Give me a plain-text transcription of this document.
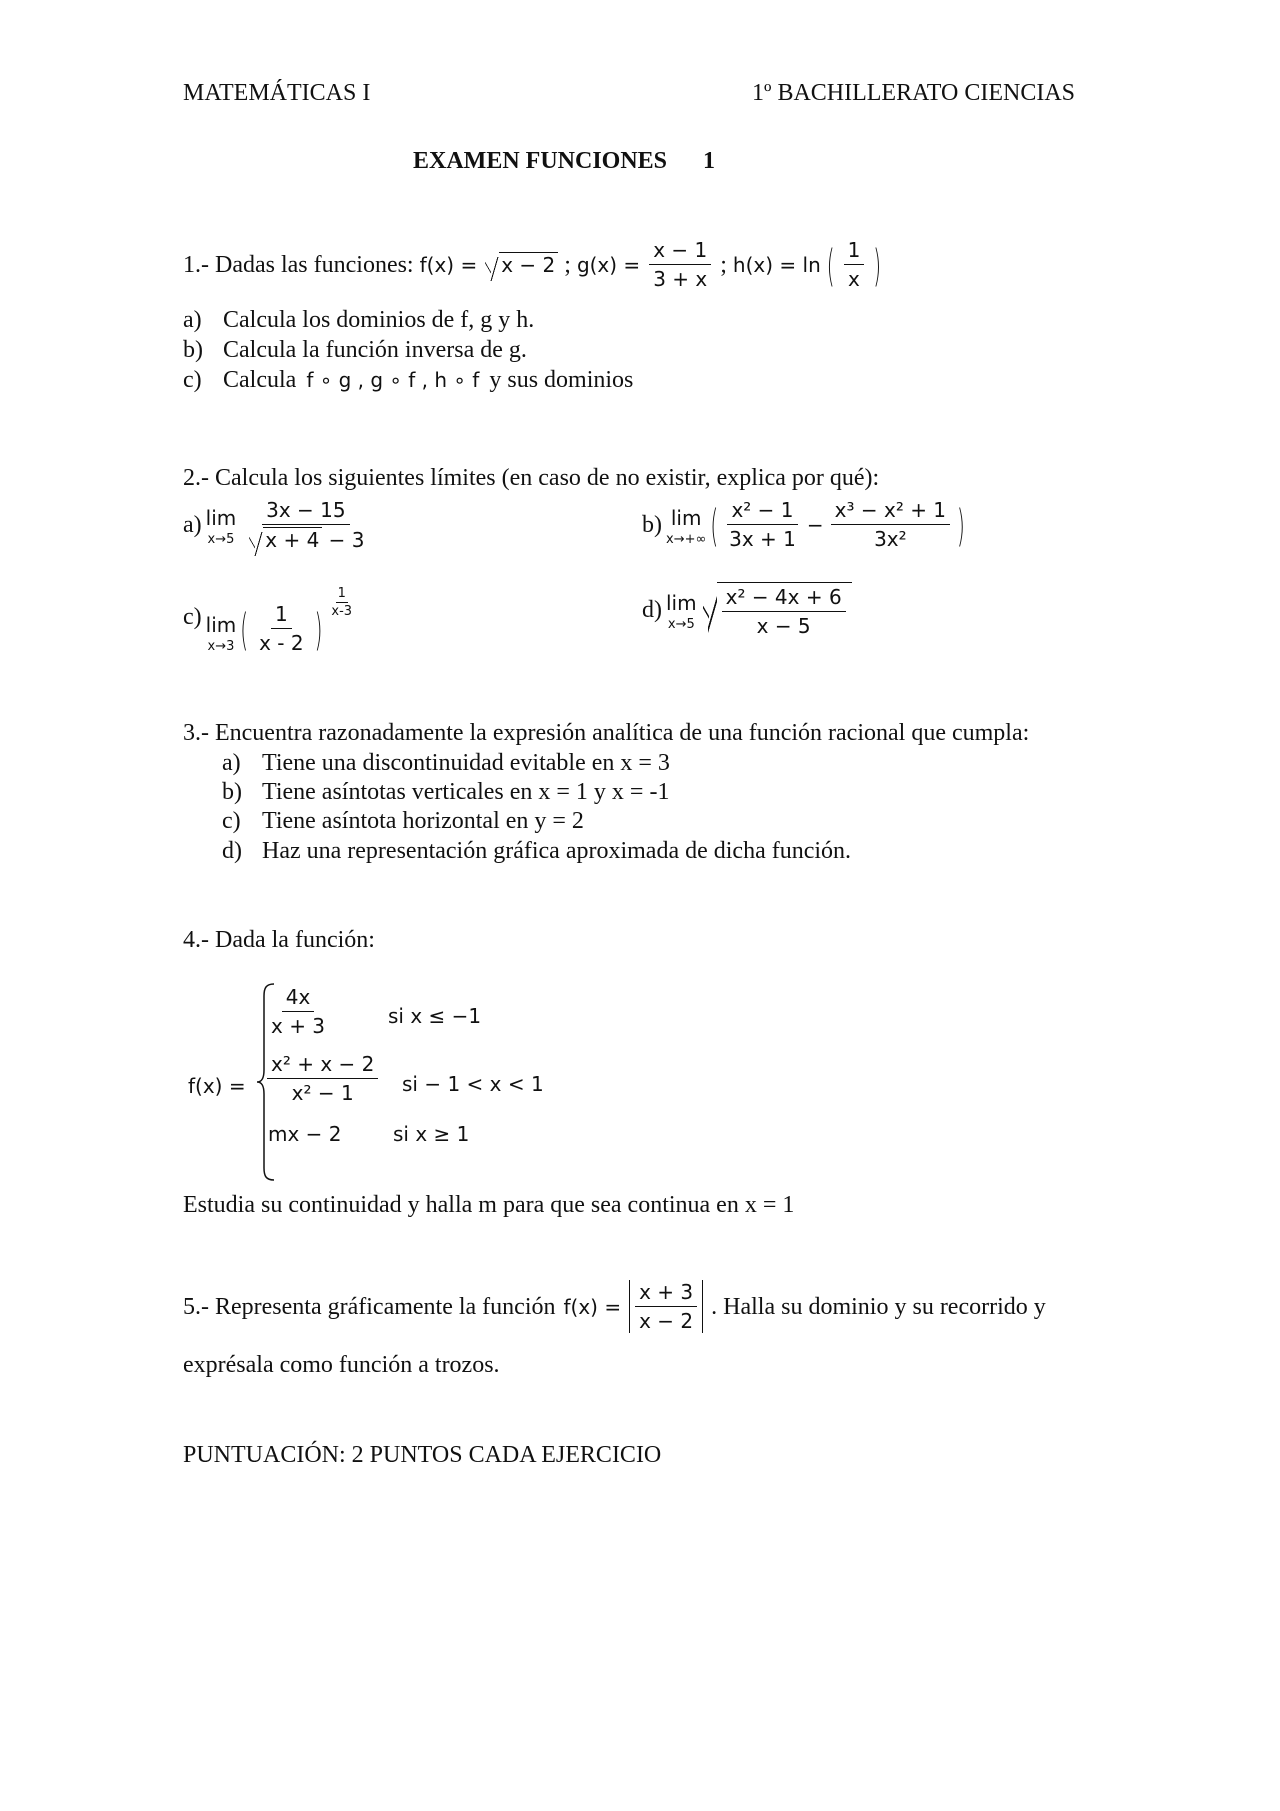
MATEMÁTICAS I	1º BACHILLERATO CIENCIAS
EXAMEN FUNCIONES 1
1.- Dadas las funciones: f(x) = x − 2 ; $g(x) = \frac{x - 1}{3 + x}$ ; h(x) = ln ( $\frac{1}{x}$ )
a) Calcula los dominios de f, g y h.
b) Calcula la función inversa de g.
c) Calcula f ∘ g , g ∘ f , h ∘ f y sus dominios
2.- Calcula los siguientes límites (en caso de no existir, explica por qué):
a) lim
$x\to 5 \frac{3x - 15}{x + 4 - 3}$	b) lim
x→+∞ ( $\frac{\text{x² − 1}}{3x + 1} - \frac{\text{x³ − x² + 1}}{\text{3x²}}$ )
c) lim
x→3 ( $\frac{1}{x - 2}$ ) $\frac{1}{x-3}$	d) lim
$x\to 5 \frac{\text{x² − 4x + 6}}{x - 5}$
3.- Encuentra razonadamente la expresión analítica de una función racional que cumpla:
a) Tiene una discontinuidad evitable en x = 3
b) Tiene asíntotas verticales en x = 1 y x = -1
c) Tiene asíntota horizontal en y = 2
d) Haz una representación gráfica aproximada de dicha función.
4.- Dada la función:
f(x) =
$\frac{4x}{x + 3}$	si x ≤ −1
$\frac{\text{x² + x − 2}}{\text{x² − 1}}$ si − 1 < x < 1
mx − 2	si x ≥ 1
Estudia su continuidad y halla m para que sea continua en x = 1
5.- Representa gráficamente la función $f(x) = \frac{x + 3}{x - 2}$ . Halla su dominio y su recorrido y
exprésala como función a trozos.
PUNTUACIÓN: 2 PUNTOS CADA EJERCICIO
